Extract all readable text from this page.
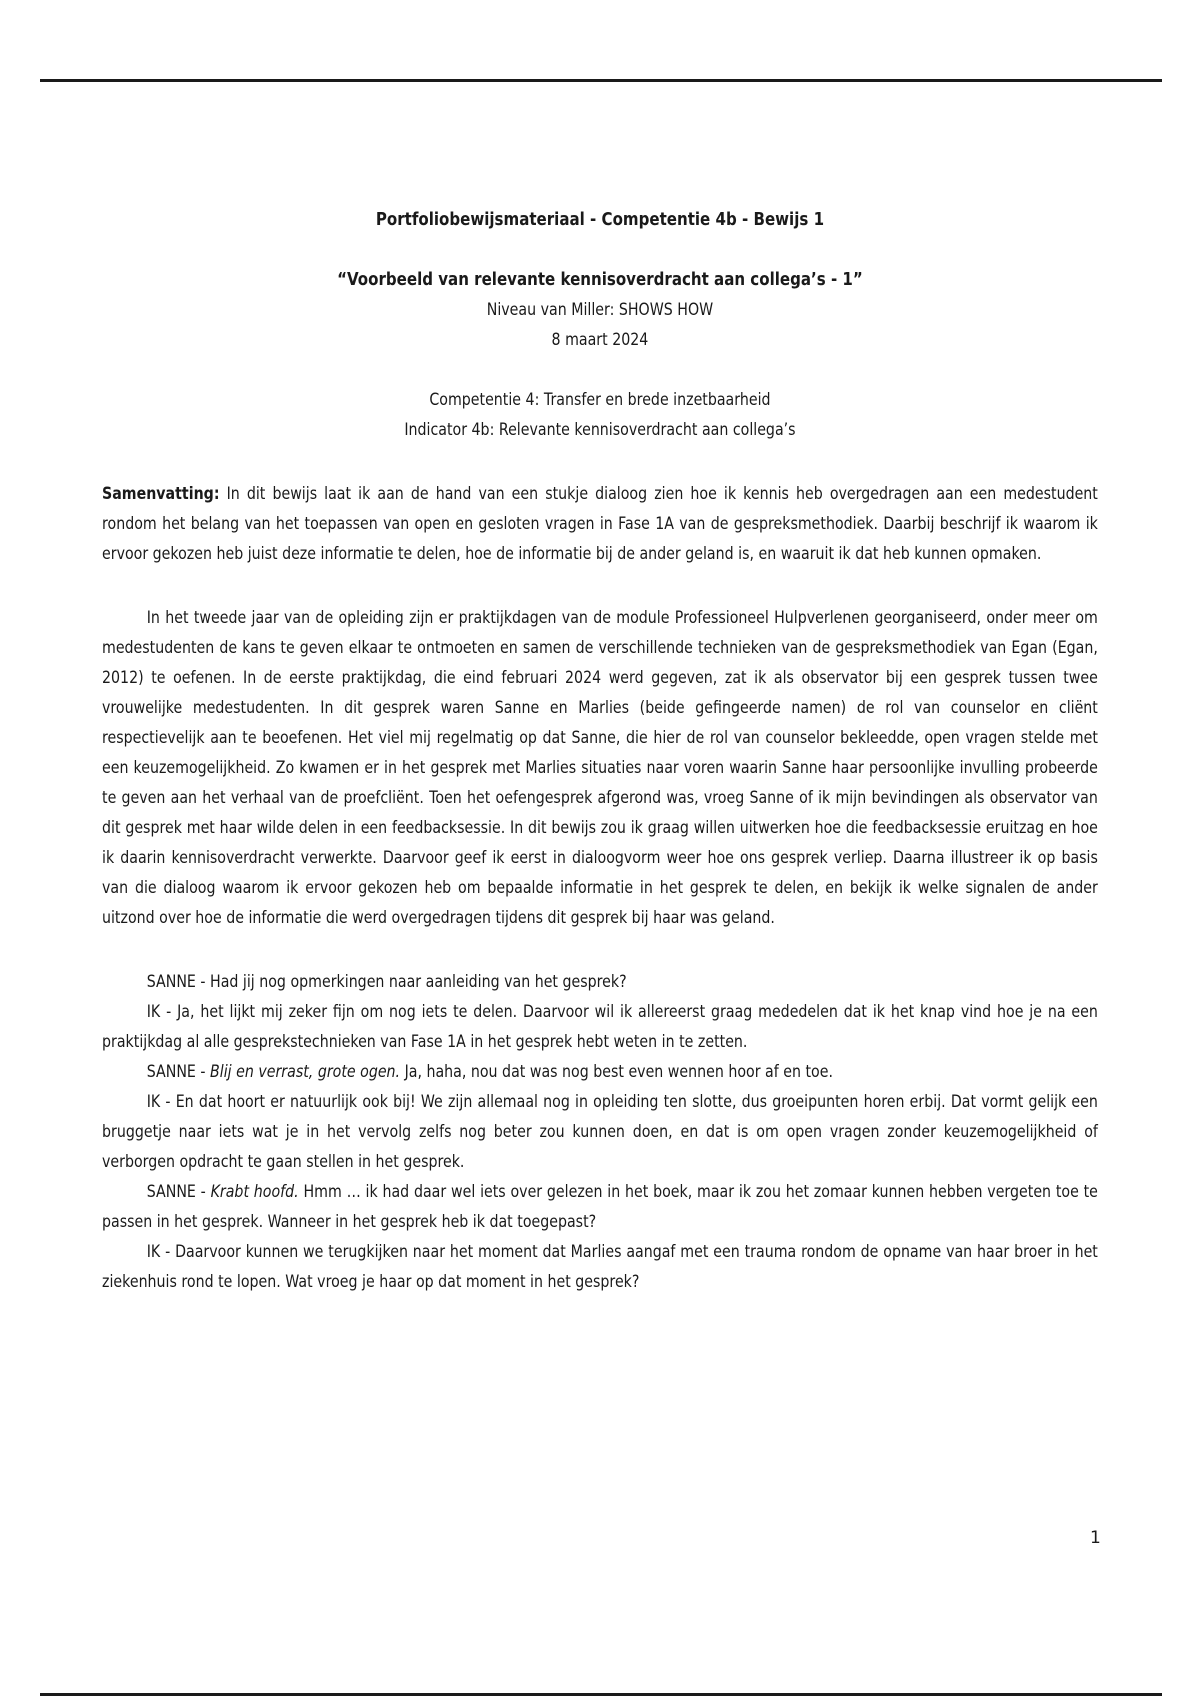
Portfoliobewijsmateriaal - Competentie 4b - Bewijs 1
“Voorbeeld van relevante kennisoverdracht aan collega’s - 1”
Niveau van Miller: SHOWS HOW
8 maart 2024
Competentie 4: Transfer en brede inzetbaarheid
Indicator 4b: Relevante kennisoverdracht aan collega’s

Samenvatting: In dit bewijs laat ik aan de hand van een stukje dialoog zien hoe ik kennis heb overgedragen aan een medestudent rondom het belang van het toepassen van open en gesloten vragen in Fase 1A van de gespreksmethodiek. Daarbij beschrijf ik waarom ik ervoor gekozen heb juist deze informatie te delen, hoe de informatie bij de ander geland is, en waaruit ik dat heb kunnen opmaken.

In het tweede jaar van de opleiding zijn er praktijkdagen van de module Professioneel Hulpverlenen georganiseerd, onder meer om medestudenten de kans te geven elkaar te ontmoeten en samen de verschillende technieken van de gespreksmethodiek van Egan (Egan, 2012) te oefenen. In de eerste praktijkdag, die eind februari 2024 werd gegeven, zat ik als observator bij een gesprek tussen twee vrouwelijke medestudenten. In dit gesprek waren Sanne en Marlies (beide gefingeerde namen) de rol van counselor en cliënt respectievelijk aan te beoefenen. Het viel mij regelmatig op dat Sanne, die hier de rol van counselor bekleedde, open vragen stelde met een keuzemogelijkheid. Zo kwamen er in het gesprek met Marlies situaties naar voren waarin Sanne haar persoonlijke invulling probeerde te geven aan het verhaal van de proefcliënt. Toen het oefengesprek afgerond was, vroeg Sanne of ik mijn bevindingen als observator van dit gesprek met haar wilde delen in een feedbacksessie. In dit bewijs zou ik graag willen uitwerken hoe die feedbacksessie eruitzag en hoe ik daarin kennisoverdracht verwerkte. Daarvoor geef ik eerst in dialoogvorm weer hoe ons gesprek verliep. Daarna illustreer ik op basis van die dialoog waarom ik ervoor gekozen heb om bepaalde informatie in het gesprek te delen, en bekijk ik welke signalen de ander uitzond over hoe de informatie die werd overgedragen tijdens dit gesprek bij haar was geland.

SANNE - Had jij nog opmerkingen naar aanleiding van het gesprek?

IK - Ja, het lijkt mij zeker fijn om nog iets te delen. Daarvoor wil ik allereerst graag mededelen dat ik het knap vind hoe je na een praktijkdag al alle gesprekstechnieken van Fase 1A in het gesprek hebt weten in te zetten.

SANNE - Blij en verrast, grote ogen. Ja, haha, nou dat was nog best even wennen hoor af en toe.

IK - En dat hoort er natuurlijk ook bij! We zijn allemaal nog in opleiding ten slotte, dus groeipunten horen erbij. Dat vormt gelijk een bruggetje naar iets wat je in het vervolg zelfs nog beter zou kunnen doen, en dat is om open vragen zonder keuzemogelijkheid of verborgen opdracht te gaan stellen in het gesprek.

SANNE - Krabt hoofd. Hmm … ik had daar wel iets over gelezen in het boek, maar ik zou het zomaar kunnen hebben vergeten toe te passen in het gesprek. Wanneer in het gesprek heb ik dat toegepast?

IK - Daarvoor kunnen we terugkijken naar het moment dat Marlies aangaf met een trauma rondom de opname van haar broer in het ziekenhuis rond te lopen. Wat vroeg je haar op dat moment in het gesprek?

1
